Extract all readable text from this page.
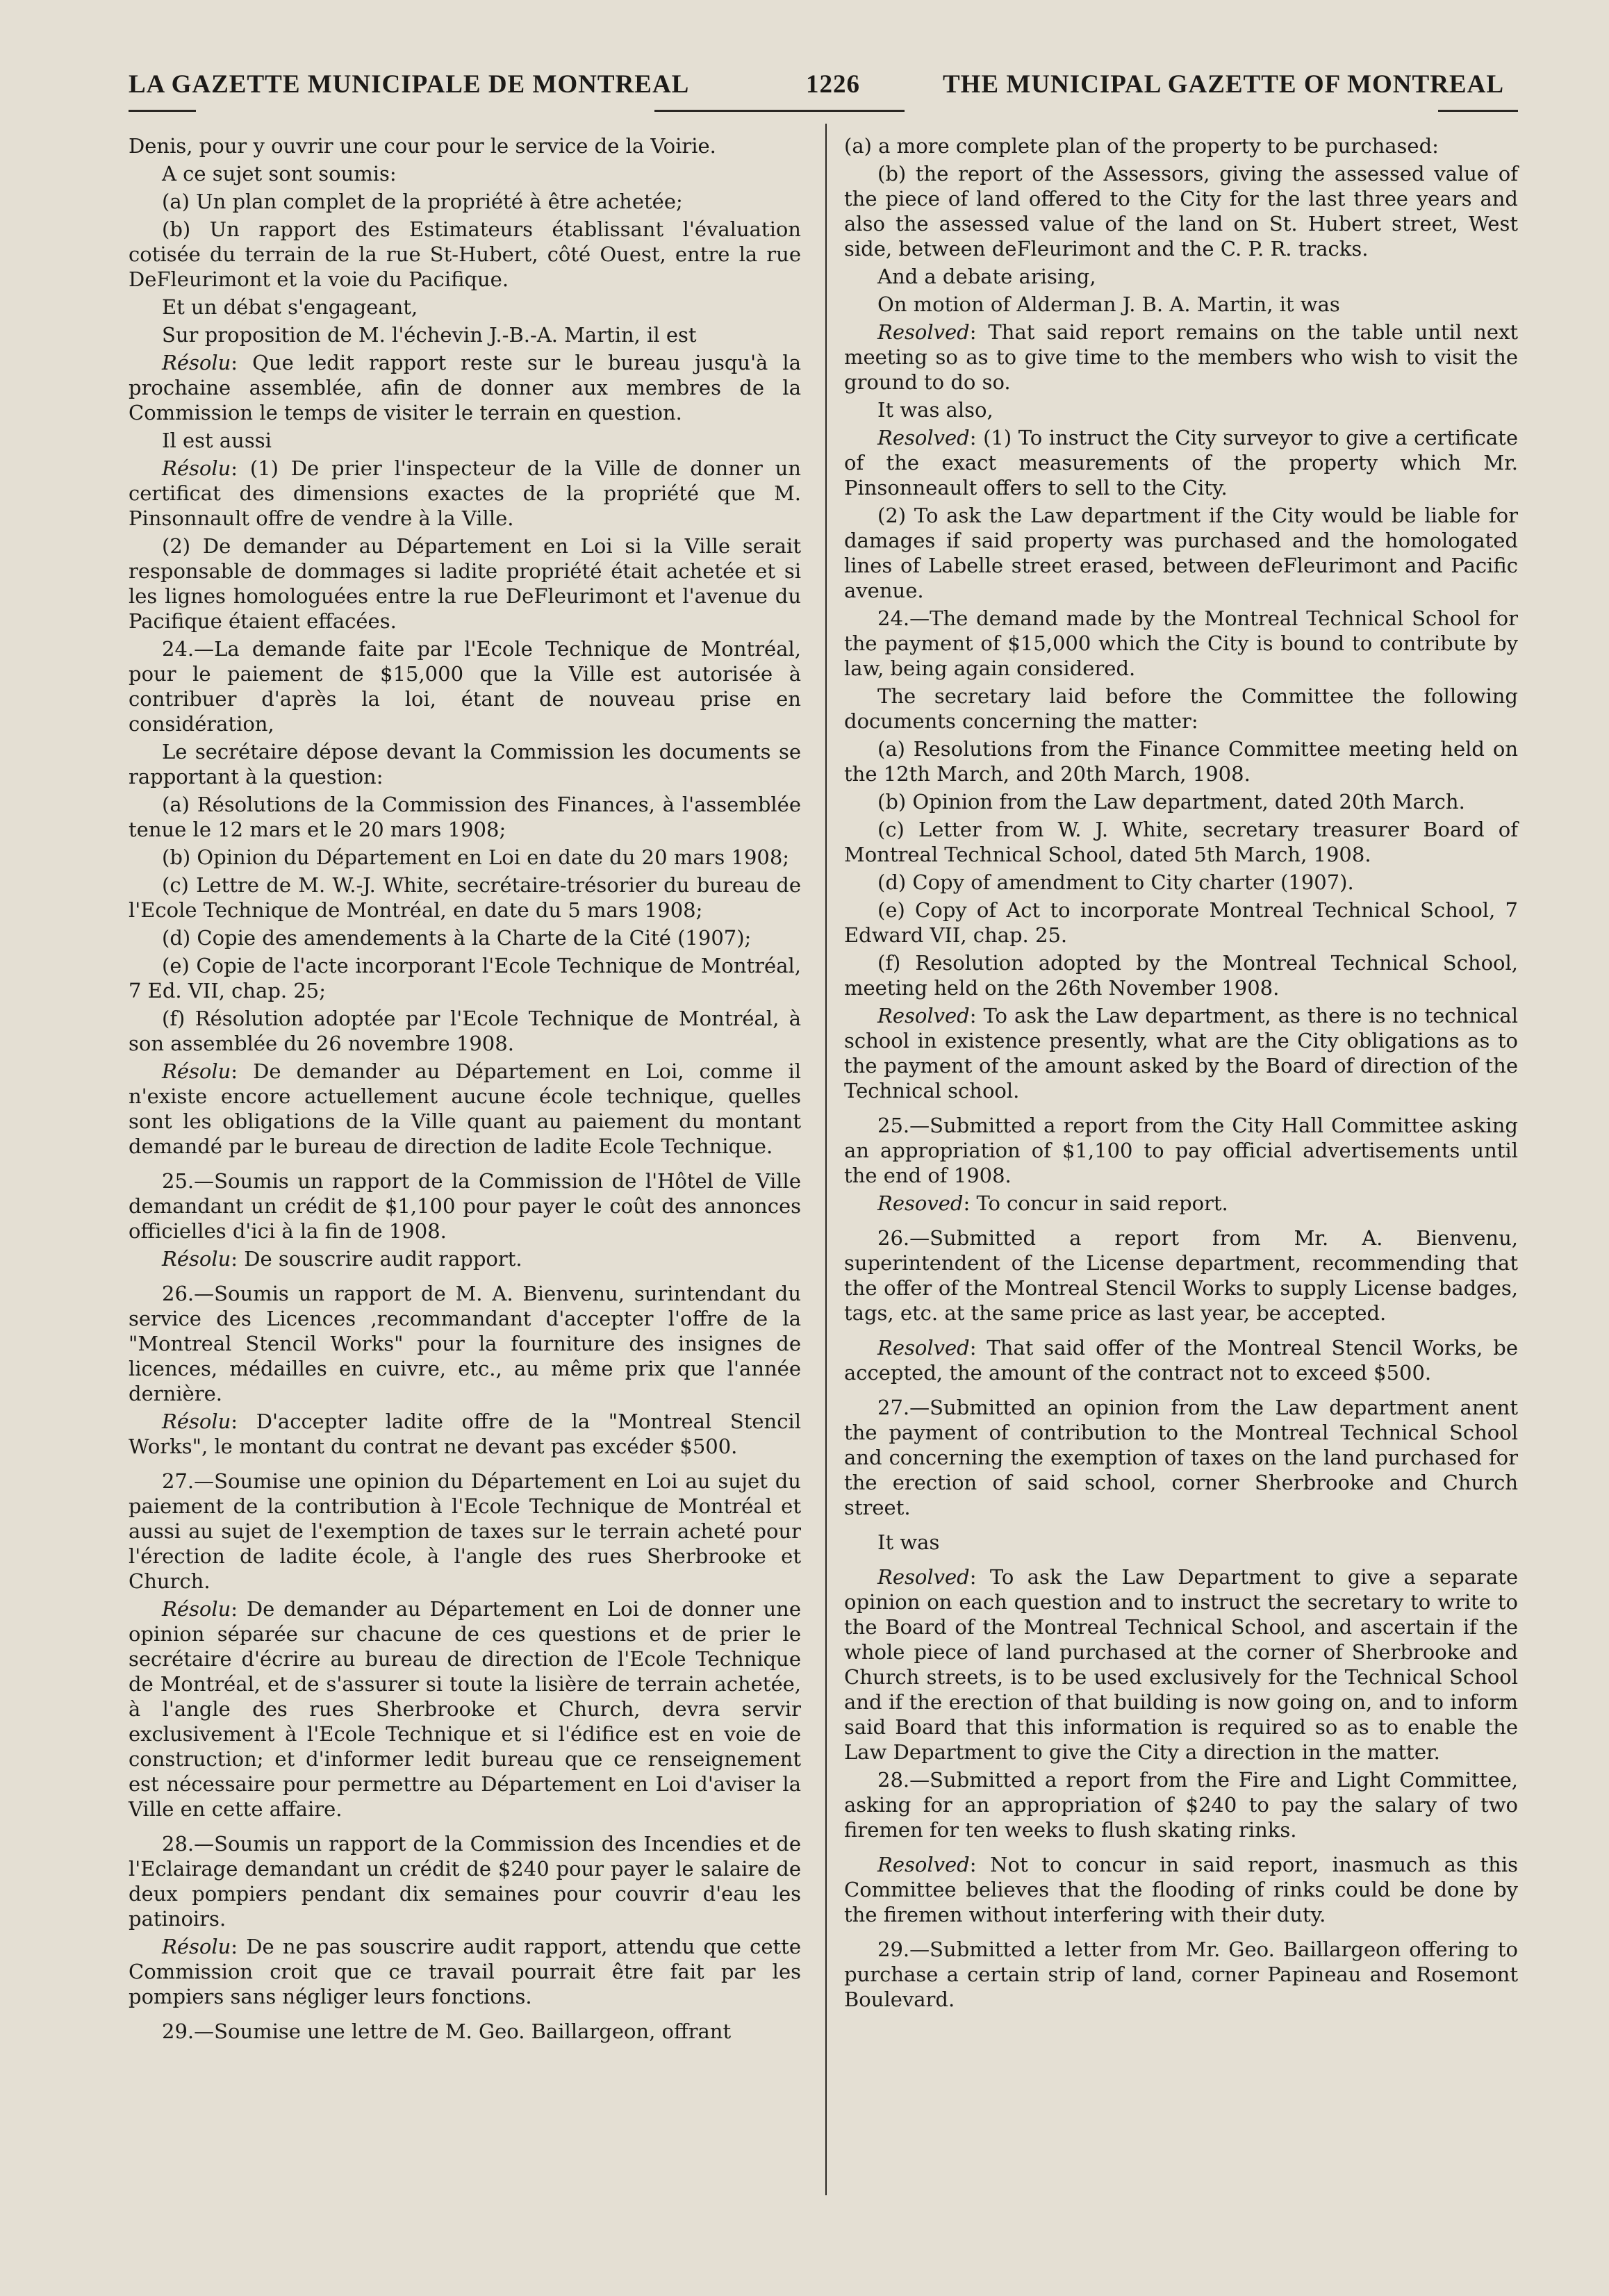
LA GAZETTE MUNICIPALE DE MONTREAL	1226	THE MUNICIPAL GAZETTE OF MONTREAL

Denis, pour y ouvrir une cour pour le service de la Voirie.

A ce sujet sont soumis:

(a) Un plan complet de la propriété à être achetée;

(b) Un rapport des Estimateurs établissant l'évaluation cotisée du terrain de la rue St-Hubert, côté Ouest, entre la rue DeFleurimont et la voie du Pacifique.

Et un débat s'engageant,

Sur proposition de M. l'échevin J.-B.-A. Martin, il est

Résolu: Que ledit rapport reste sur le bureau jusqu'à la prochaine assemblée, afin de donner aux membres de la Commission le temps de visiter le terrain en question.

Il est aussi

Résolu: (1) De prier l'inspecteur de la Ville de donner un certificat des dimensions exactes de la propriété que M. Pinsonnault offre de vendre à la Ville.

(2) De demander au Département en Loi si la Ville serait responsable de dommages si ladite propriété était achetée et si les lignes homologuées entre la rue DeFleurimont et l'avenue du Pacifique étaient effacées.

24.—La demande faite par l'Ecole Technique de Montréal, pour le paiement de $15,000 que la Ville est autorisée à contribuer d'après la loi, étant de nouveau prise en considération,

Le secrétaire dépose devant la Commission les documents se rapportant à la question:

(a) Résolutions de la Commission des Finances, à l'assemblée tenue le 12 mars et le 20 mars 1908;

(b) Opinion du Département en Loi en date du 20 mars 1908;

(c) Lettre de M. W.-J. White, secrétaire-trésorier du bureau de l'Ecole Technique de Montréal, en date du 5 mars 1908;

(d) Copie des amendements à la Charte de la Cité (1907);

(e) Copie de l'acte incorporant l'Ecole Technique de Montréal, 7 Ed. VII, chap. 25;

(f) Résolution adoptée par l'Ecole Technique de Montréal, à son assemblée du 26 novembre 1908.

Résolu: De demander au Département en Loi, comme il n'existe encore actuellement aucune école technique, quelles sont les obligations de la Ville quant au paiement du montant demandé par le bureau de direction de ladite Ecole Technique.

25.—Soumis un rapport de la Commission de l'Hôtel de Ville demandant un crédit de $1,100 pour payer le coût des annonces officielles d'ici à la fin de 1908.

Résolu: De souscrire audit rapport.

26.—Soumis un rapport de M. A. Bienvenu, surintendant du service des Licences ,recommandant d'accepter l'offre de la "Montreal Stencil Works" pour la fourniture des insignes de licences, médailles en cuivre, etc., au même prix que l'année dernière.

Résolu: D'accepter ladite offre de la "Montreal Stencil Works", le montant du contrat ne devant pas excéder $500.

27.—Soumise une opinion du Département en Loi au sujet du paiement de la contribution à l'Ecole Technique de Montréal et aussi au sujet de l'exemption de taxes sur le terrain acheté pour l'érection de ladite école, à l'angle des rues Sherbrooke et Church.

Résolu: De demander au Département en Loi de donner une opinion séparée sur chacune de ces questions et de prier le secrétaire d'écrire au bureau de direction de l'Ecole Technique de Montréal, et de s'assurer si toute la lisière de terrain achetée, à l'angle des rues Sherbrooke et Church, devra servir exclusivement à l'Ecole Technique et si l'édifice est en voie de construction; et d'informer ledit bureau que ce renseignement est nécessaire pour permettre au Département en Loi d'aviser la Ville en cette affaire.

28.—Soumis un rapport de la Commission des Incendies et de l'Eclairage demandant un crédit de $240 pour payer le salaire de deux pompiers pendant dix semaines pour couvrir d'eau les patinoirs.

Résolu: De ne pas souscrire audit rapport, attendu que cette Commission croit que ce travail pourrait être fait par les pompiers sans négliger leurs fonctions.

29.—Soumise une lettre de M. Geo. Baillargeon, offrant

(a) a more complete plan of the property to be purchased:

(b) the report of the Assessors, giving the assessed value of the piece of land offered to the City for the last three years and also the assessed value of the land on St. Hubert street, West side, between deFleurimont and the C. P. R. tracks.

And a debate arising,

On motion of Alderman J. B. A. Martin, it was

Resolved: That said report remains on the table until next meeting so as to give time to the members who wish to visit the ground to do so.

It was also,

Resolved: (1) To instruct the City surveyor to give a certificate of the exact measurements of the property which Mr. Pinsonneault offers to sell to the City.

(2) To ask the Law department if the City would be liable for damages if said property was purchased and the homologated lines of Labelle street erased, between deFleurimont and Pacific avenue.

24.—The demand made by the Montreal Technical School for the payment of $15,000 which the City is bound to contribute by law, being again considered.

The secretary laid before the Committee the following documents concerning the matter:

(a) Resolutions from the Finance Committee meeting held on the 12th March, and 20th March, 1908.

(b) Opinion from the Law department, dated 20th March.

(c) Letter from W. J. White, secretary treasurer Board of Montreal Technical School, dated 5th March, 1908.

(d) Copy of amendment to City charter (1907).

(e) Copy of Act to incorporate Montreal Technical School, 7 Edward VII, chap. 25.

(f) Resolution adopted by the Montreal Technical School, meeting held on the 26th November 1908.

Resolved: To ask the Law department, as there is no technical school in existence presently, what are the City obligations as to the payment of the amount asked by the Board of direction of the Technical school.

25.—Submitted a report from the City Hall Committee asking an appropriation of $1,100 to pay official advertisements until the end of 1908.

Resoved: To concur in said report.

26.—Submitted a report from Mr. A. Bienvenu, superintendent of the License department, recommending that the offer of the Montreal Stencil Works to supply License badges, tags, etc. at the same price as last year, be accepted.

Resolved: That said offer of the Montreal Stencil Works, be accepted, the amount of the contract not to exceed $500.

27.—Submitted an opinion from the Law department anent the payment of contribution to the Montreal Technical School and concerning the exemption of taxes on the land purchased for the erection of said school, corner Sherbrooke and Church street.

It was

Resolved: To ask the Law Department to give a separate opinion on each question and to instruct the secretary to write to the Board of the Montreal Technical School, and ascertain if the whole piece of land purchased at the corner of Sherbrooke and Church streets, is to be used exclusively for the Technical School and if the erection of that building is now going on, and to inform said Board that this information is required so as to enable the Law Department to give the City a direction in the matter.

28.—Submitted a report from the Fire and Light Committee, asking for an appropriation of $240 to pay the salary of two firemen for ten weeks to flush skating rinks.

Resolved: Not to concur in said report, inasmuch as this Committee believes that the flooding of rinks could be done by the firemen without interfering with their duty.

29.—Submitted a letter from Mr. Geo. Baillargeon offering to purchase a certain strip of land, corner Papineau and Rosemont Boulevard.
